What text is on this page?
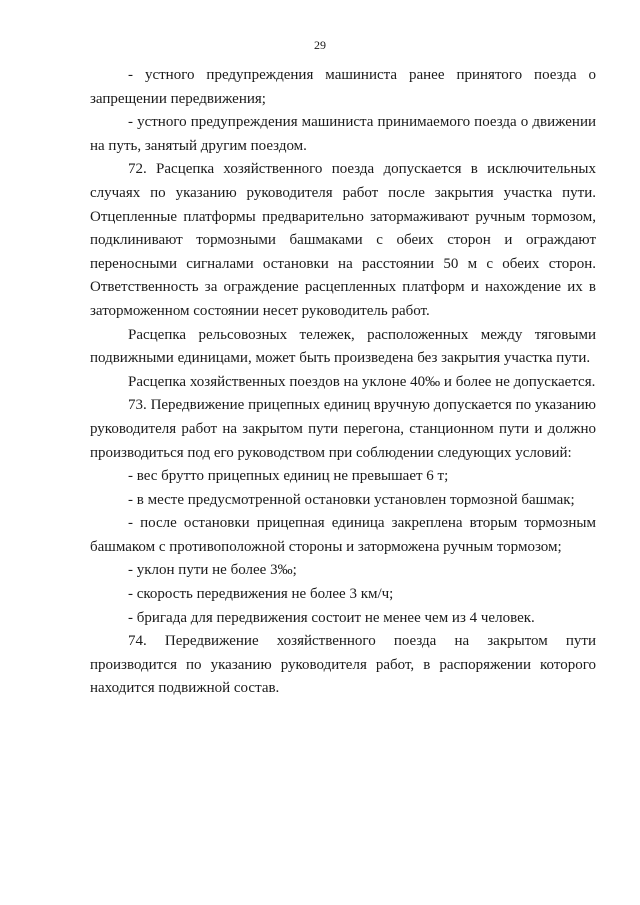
29

- устного предупреждения машиниста ранее принятого поезда о запрещении передвижения;

- устного предупреждения машиниста принимаемого поезда о движении на путь, занятый другим поездом.

72. Расцепка хозяйственного поезда допускается в исключительных случаях по указанию руководителя работ после закрытия участка пути. Отцепленные платформы предварительно затормаживают ручным тормозом, подклинивают тормозными башмаками с обеих сторон и ограждают переносными сигналами остановки на расстоянии 50 м с обеих сторон. Ответственность за ограждение расцепленных платформ и нахождение их в заторможенном состоянии несет руководитель работ.

Расцепка рельсовозных тележек, расположенных между тяговыми подвижными единицами, может быть произведена без закрытия участка пути.

Расцепка хозяйственных поездов на уклоне 40‰ и более не допускается.

73. Передвижение прицепных единиц вручную допускается по указанию руководителя работ на закрытом пути перегона, станционном пути и должно производиться под его руководством при соблюдении следующих условий:

- вес брутто прицепных единиц не превышает 6 т;

- в месте предусмотренной остановки установлен тормозной башмак;

- после остановки прицепная единица закреплена вторым тормозным башмаком с противоположной стороны и заторможена ручным тормозом;

- уклон пути не более 3‰;

- скорость передвижения не более 3 км/ч;

- бригада для передвижения состоит не менее чем из 4 человек.

74. Передвижение хозяйственного поезда на закрытом пути производится по указанию руководителя работ, в распоряжении которого находится подвижной состав.
